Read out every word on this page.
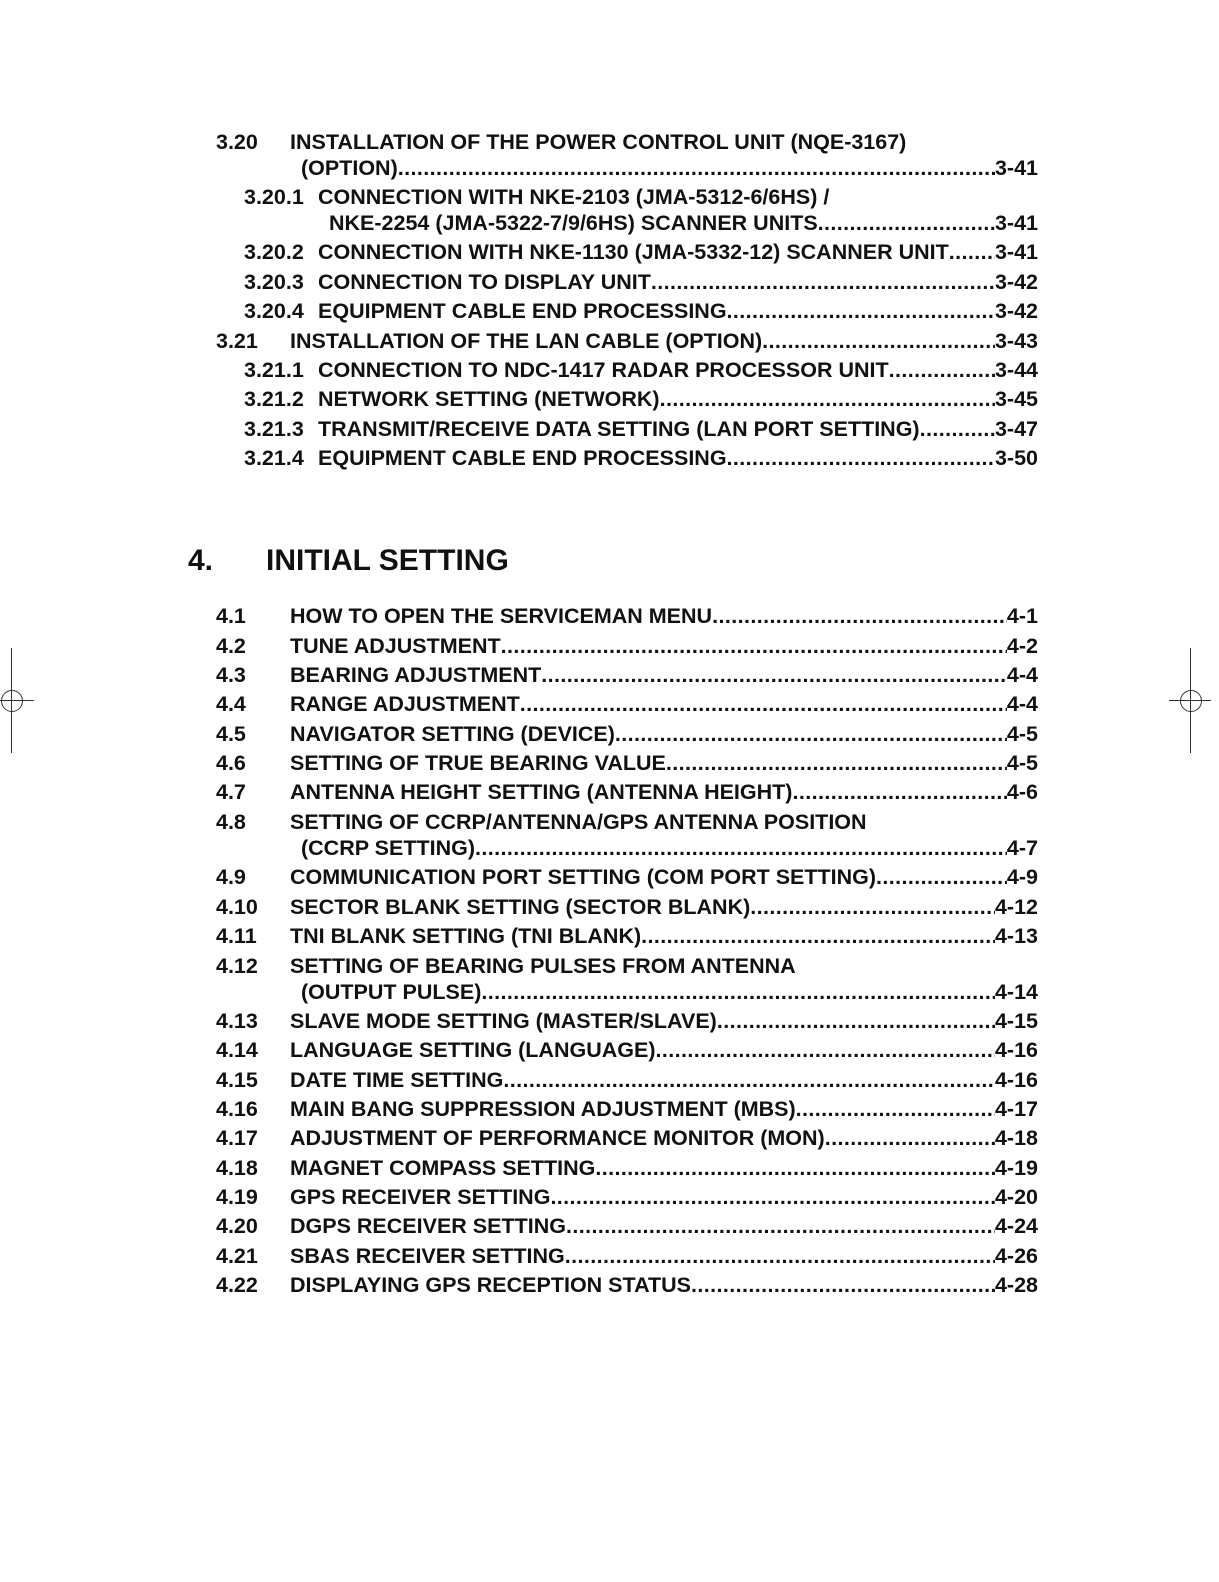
3.20 INSTALLATION OF THE POWER CONTROL UNIT (NQE-3167)
(OPTION) .....	3-41
3.20.1 CONNECTION WITH NKE-2103 (JMA-5312-6/6HS) /
NKE-2254 (JMA-5322-7/9/6HS) SCANNER UNITS .....	3-41
3.20.2 CONNECTION WITH NKE-1130 (JMA-5332-12) SCANNER UNIT ..... 3-41
3.20.3 CONNECTION TO DISPLAY UNIT .....	3-42
3.20.4 EQUIPMENT CABLE END PROCESSING .....	3-42
3.21 INSTALLATION OF THE LAN CABLE (OPTION) .....	3-43
3.21.1 CONNECTION TO NDC-1417 RADAR PROCESSOR UNIT .....	3-44
3.21.2 NETWORK SETTING (NETWORK) .....	3-45
3.21.3 TRANSMIT/RECEIVE DATA SETTING (LAN PORT SETTING) .....	3-47
3.21.4 EQUIPMENT CABLE END PROCESSING .....	3-50
4. INITIAL SETTING
4.1 HOW TO OPEN THE SERVICEMAN MENU .....	4-1
4.2 TUNE ADJUSTMENT .....	4-2
4.3 BEARING ADJUSTMENT .....	4-4
4.4 RANGE ADJUSTMENT .....	4-4
4.5 NAVIGATOR SETTING (DEVICE) .....	4-5
4.6 SETTING OF TRUE BEARING VALUE .....	4-5
4.7 ANTENNA HEIGHT SETTING (ANTENNA HEIGHT) .....	4-6
4.8 SETTING OF CCRP/ANTENNA/GPS ANTENNA POSITION
(CCRP SETTING) .....	4-7
4.9 COMMUNICATION PORT SETTING (COM PORT SETTING) .....	4-9
4.10 SECTOR BLANK SETTING (SECTOR BLANK) .....	4-12
4.11 TNI BLANK SETTING (TNI BLANK) .....	4-13
4.12 SETTING OF BEARING PULSES FROM ANTENNA
(OUTPUT PULSE) .....	4-14
4.13 SLAVE MODE SETTING (MASTER/SLAVE) .....	4-15
4.14 LANGUAGE SETTING (LANGUAGE) .....	4-16
4.15 DATE TIME SETTING .....	4-16
4.16 MAIN BANG SUPPRESSION ADJUSTMENT (MBS) .....	4-17
4.17 ADJUSTMENT OF PERFORMANCE MONITOR (MON) .....	4-18
4.18 MAGNET COMPASS SETTING .....	4-19
4.19 GPS RECEIVER SETTING .....	4-20
4.20 DGPS RECEIVER SETTING .....	4-24
4.21 SBAS RECEIVER SETTING .....	4-26
4.22 DISPLAYING GPS RECEPTION STATUS .....	4-28
